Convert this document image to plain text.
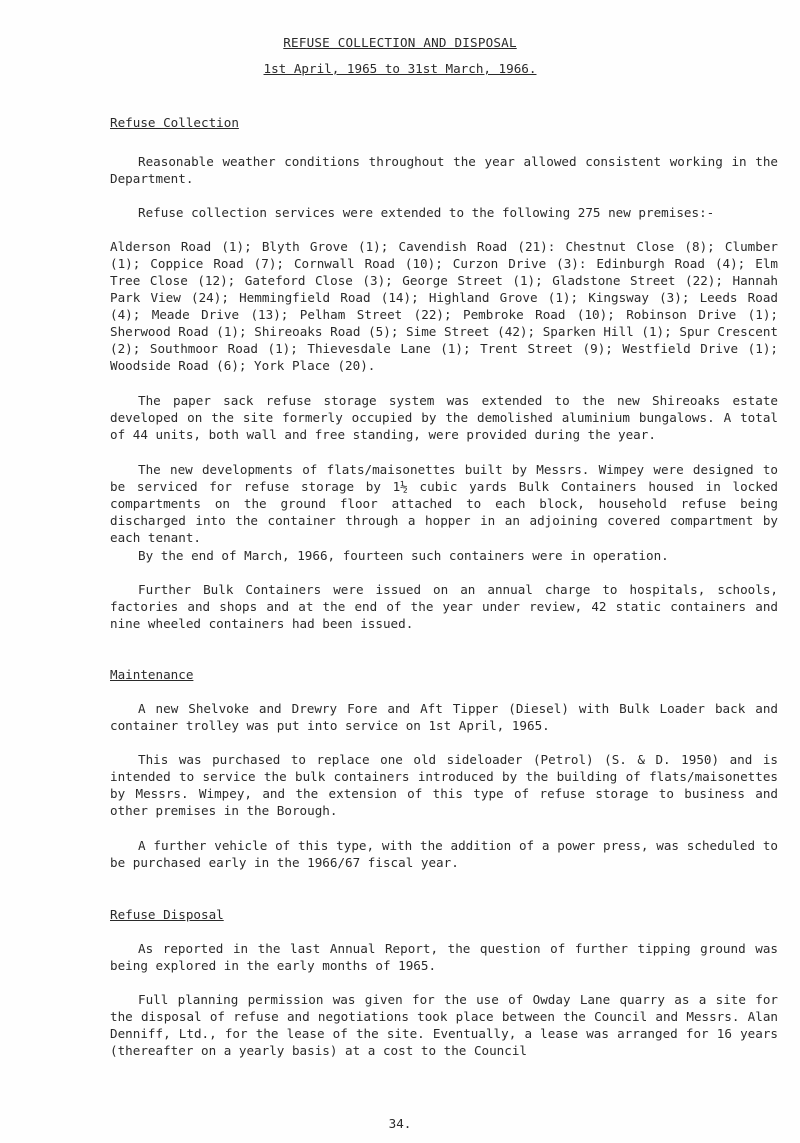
REFUSE COLLECTION AND DISPOSAL
1st April, 1965 to 31st March, 1966.
Refuse Collection
Reasonable weather conditions throughout the year allowed consistent working in the Department.
Refuse collection services were extended to the following 275 new premises:-
Alderson Road (1); Blyth Grove (1); Cavendish Road (21): Chestnut Close (8); Clumber (1); Coppice Road (7); Cornwall Road (10); Curzon Drive (3): Edinburgh Road (4); Elm Tree Close (12); Gateford Close (3); George Street (1); Gladstone Street (22); Hannah Park View (24); Hemmingfield Road (14); Highland Grove (1); Kingsway (3); Leeds Road (4); Meade Drive (13); Pelham Street (22); Pembroke Road (10); Robinson Drive (1); Sherwood Road (1); Shireoaks Road (5); Sime Street (42); Sparken Hill (1); Spur Crescent (2); Southmoor Road (1); Thievesdale Lane (1); Trent Street (9); Westfield Drive (1); Woodside Road (6); York Place (20).
The paper sack refuse storage system was extended to the new Shireoaks estate developed on the site formerly occupied by the demolished aluminium bungalows. A total of 44 units, both wall and free standing, were provided during the year.
The new developments of flats/maisonettes built by Messrs. Wimpey were designed to be serviced for refuse storage by 1½ cubic yards Bulk Containers housed in locked compartments on the ground floor attached to each block, household refuse being discharged into the container through a hopper in an adjoining covered compartment by each tenant.
By the end of March, 1966, fourteen such containers were in operation.
Further Bulk Containers were issued on an annual charge to hospitals, schools, factories and shops and at the end of the year under review, 42 static containers and nine wheeled containers had been issued.
Maintenance
A new Shelvoke and Drewry Fore and Aft Tipper (Diesel) with Bulk Loader back and container trolley was put into service on 1st April, 1965.
This was purchased to replace one old sideloader (Petrol) (S. & D. 1950) and is intended to service the bulk containers introduced by the building of flats/maisonettes by Messrs. Wimpey, and the extension of this type of refuse storage to business and other premises in the Borough.
A further vehicle of this type, with the addition of a power press, was scheduled to be purchased early in the 1966/67 fiscal year.
Refuse Disposal
As reported in the last Annual Report, the question of further tipping ground was being explored in the early months of 1965.
Full planning permission was given for the use of Owday Lane quarry as a site for the disposal of refuse and negotiations took place between the Council and Messrs. Alan Denniff, Ltd., for the lease of the site. Eventually, a lease was arranged for 16 years (thereafter on a yearly basis) at a cost to the Council
34.
